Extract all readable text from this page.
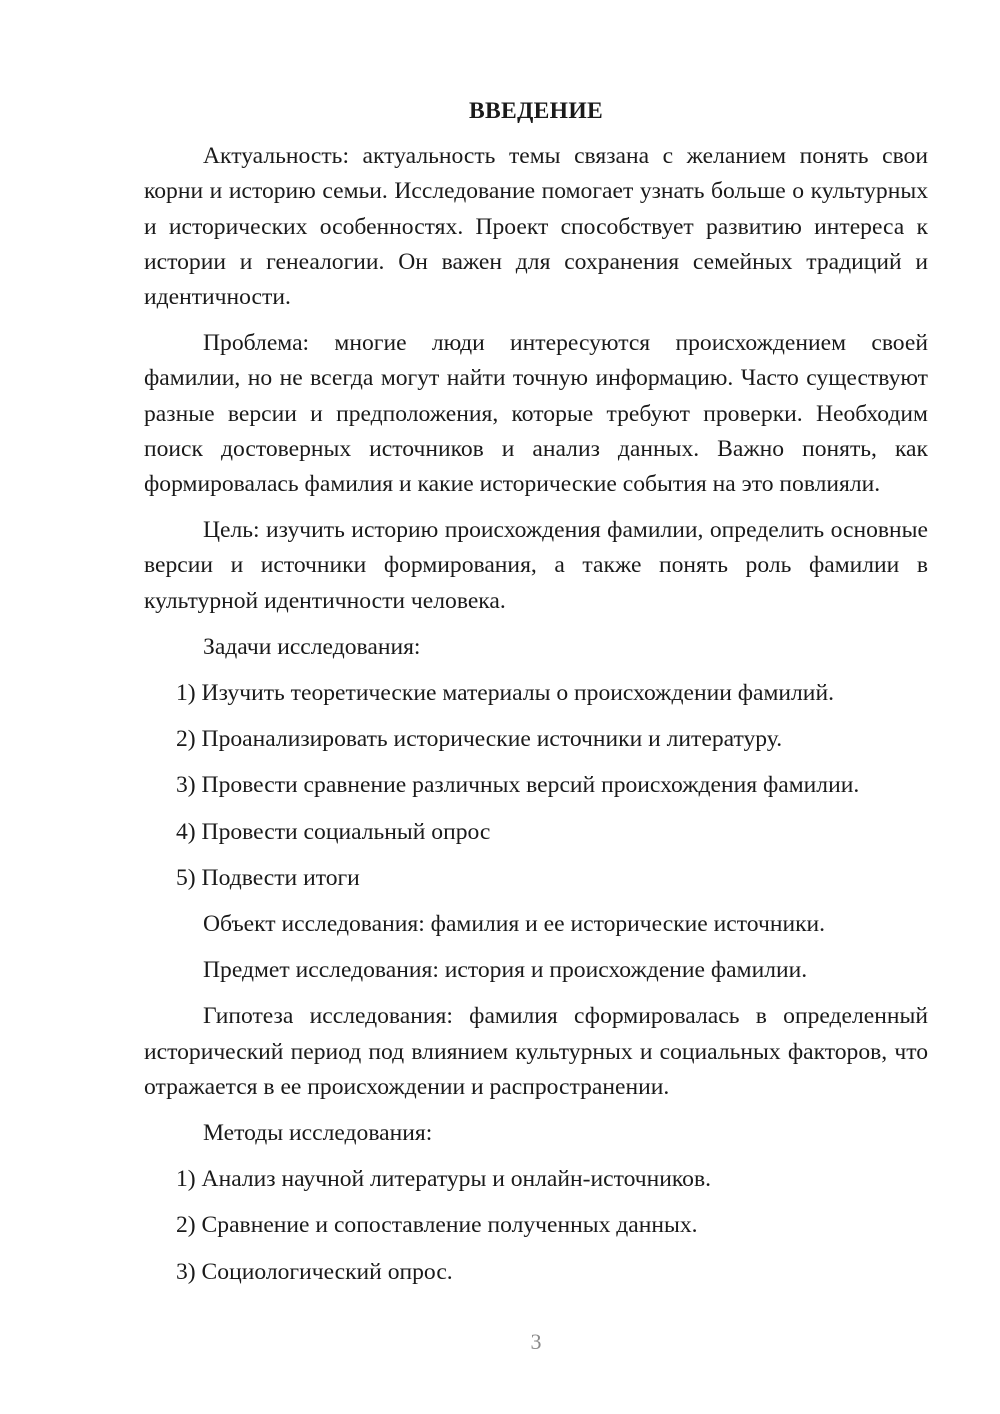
ВВЕДЕНИЕ

Актуальность: актуальность темы связана с желанием понять свои корни и историю семьи. Исследование помогает узнать больше о культурных и исторических особенностях. Проект способствует развитию интереса к истории и генеалогии. Он важен для сохранения семейных традиций и идентичности.

Проблема: многие люди интересуются происхождением своей фамилии, но не всегда могут найти точную информацию. Часто существуют разные версии и предположения, которые требуют проверки. Необходим поиск достоверных источников и анализ данных. Важно понять, как формировалась фамилия и какие исторические события на это повлияли.

Цель: изучить историю происхождения фамилии, определить основные версии и источники формирования, а также понять роль фамилии в культурной идентичности человека.

Задачи исследования:

1) Изучить теоретические материалы о происхождении фамилий.

2) Проанализировать исторические источники и литературу.

3) Провести сравнение различных версий происхождения фамилии.

4) Провести социальный опрос

5) Подвести итоги

Объект исследования: фамилия и ее исторические источники.

Предмет исследования: история и происхождение фамилии.

Гипотеза исследования: фамилия сформировалась в определенный исторический период под влиянием культурных и социальных факторов, что отражается в ее происхождении и распространении.

Методы исследования:

1) Анализ научной литературы и онлайн-источников.

2) Сравнение и сопоставление полученных данных.

3) Социологический опрос.

3
